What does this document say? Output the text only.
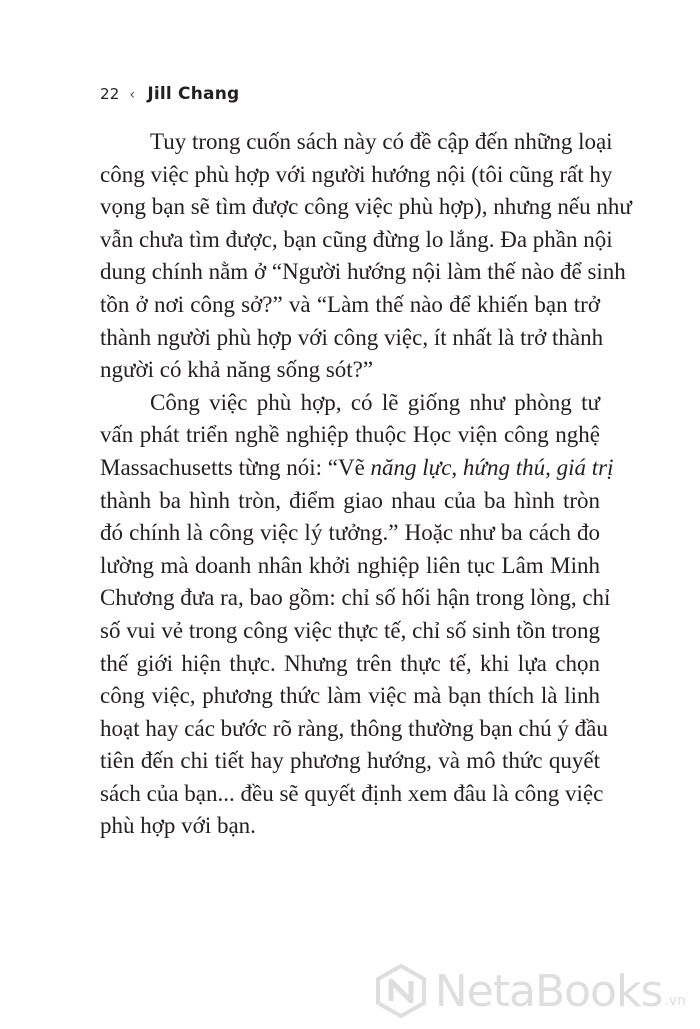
22 ‹ Jill Chang
Tuy trong cuốn sách này có đề cập đến những loại
công việc phù hợp với người hướng nội (tôi cũng rất hy
vọng bạn sẽ tìm được công việc phù hợp), nhưng nếu như
vẫn chưa tìm được, bạn cũng đừng lo lắng. Đa phần nội
dung chính nằm ở “Người hướng nội làm thế nào để sinh
tồn ở nơi công sở?” và “Làm thế nào để khiến bạn trở
thành người phù hợp với công việc, ít nhất là trở thành
người có khả năng sống sót?”
Công việc phù hợp, có lẽ giống như phòng tư
vấn phát triển nghề nghiệp thuộc Học viện công nghệ
Massachusetts từng nói: “Vẽ năng lực, hứng thú, giá trị
thành ba hình tròn, điểm giao nhau của ba hình tròn
đó chính là công việc lý tưởng.” Hoặc như ba cách đo
lường mà doanh nhân khởi nghiệp liên tục Lâm Minh
Chương đưa ra, bao gồm: chỉ số hối hận trong lòng, chỉ
số vui vẻ trong công việc thực tế, chỉ số sinh tồn trong
thế giới hiện thực. Nhưng trên thực tế, khi lựa chọn
công việc, phương thức làm việc mà bạn thích là linh
hoạt hay các bước rõ ràng, thông thường bạn chú ý đầu
tiên đến chi tiết hay phương hướng, và mô thức quyết
sách của bạn... đều sẽ quyết định xem đâu là công việc
phù hợp với bạn.
NetaBooks .vn
